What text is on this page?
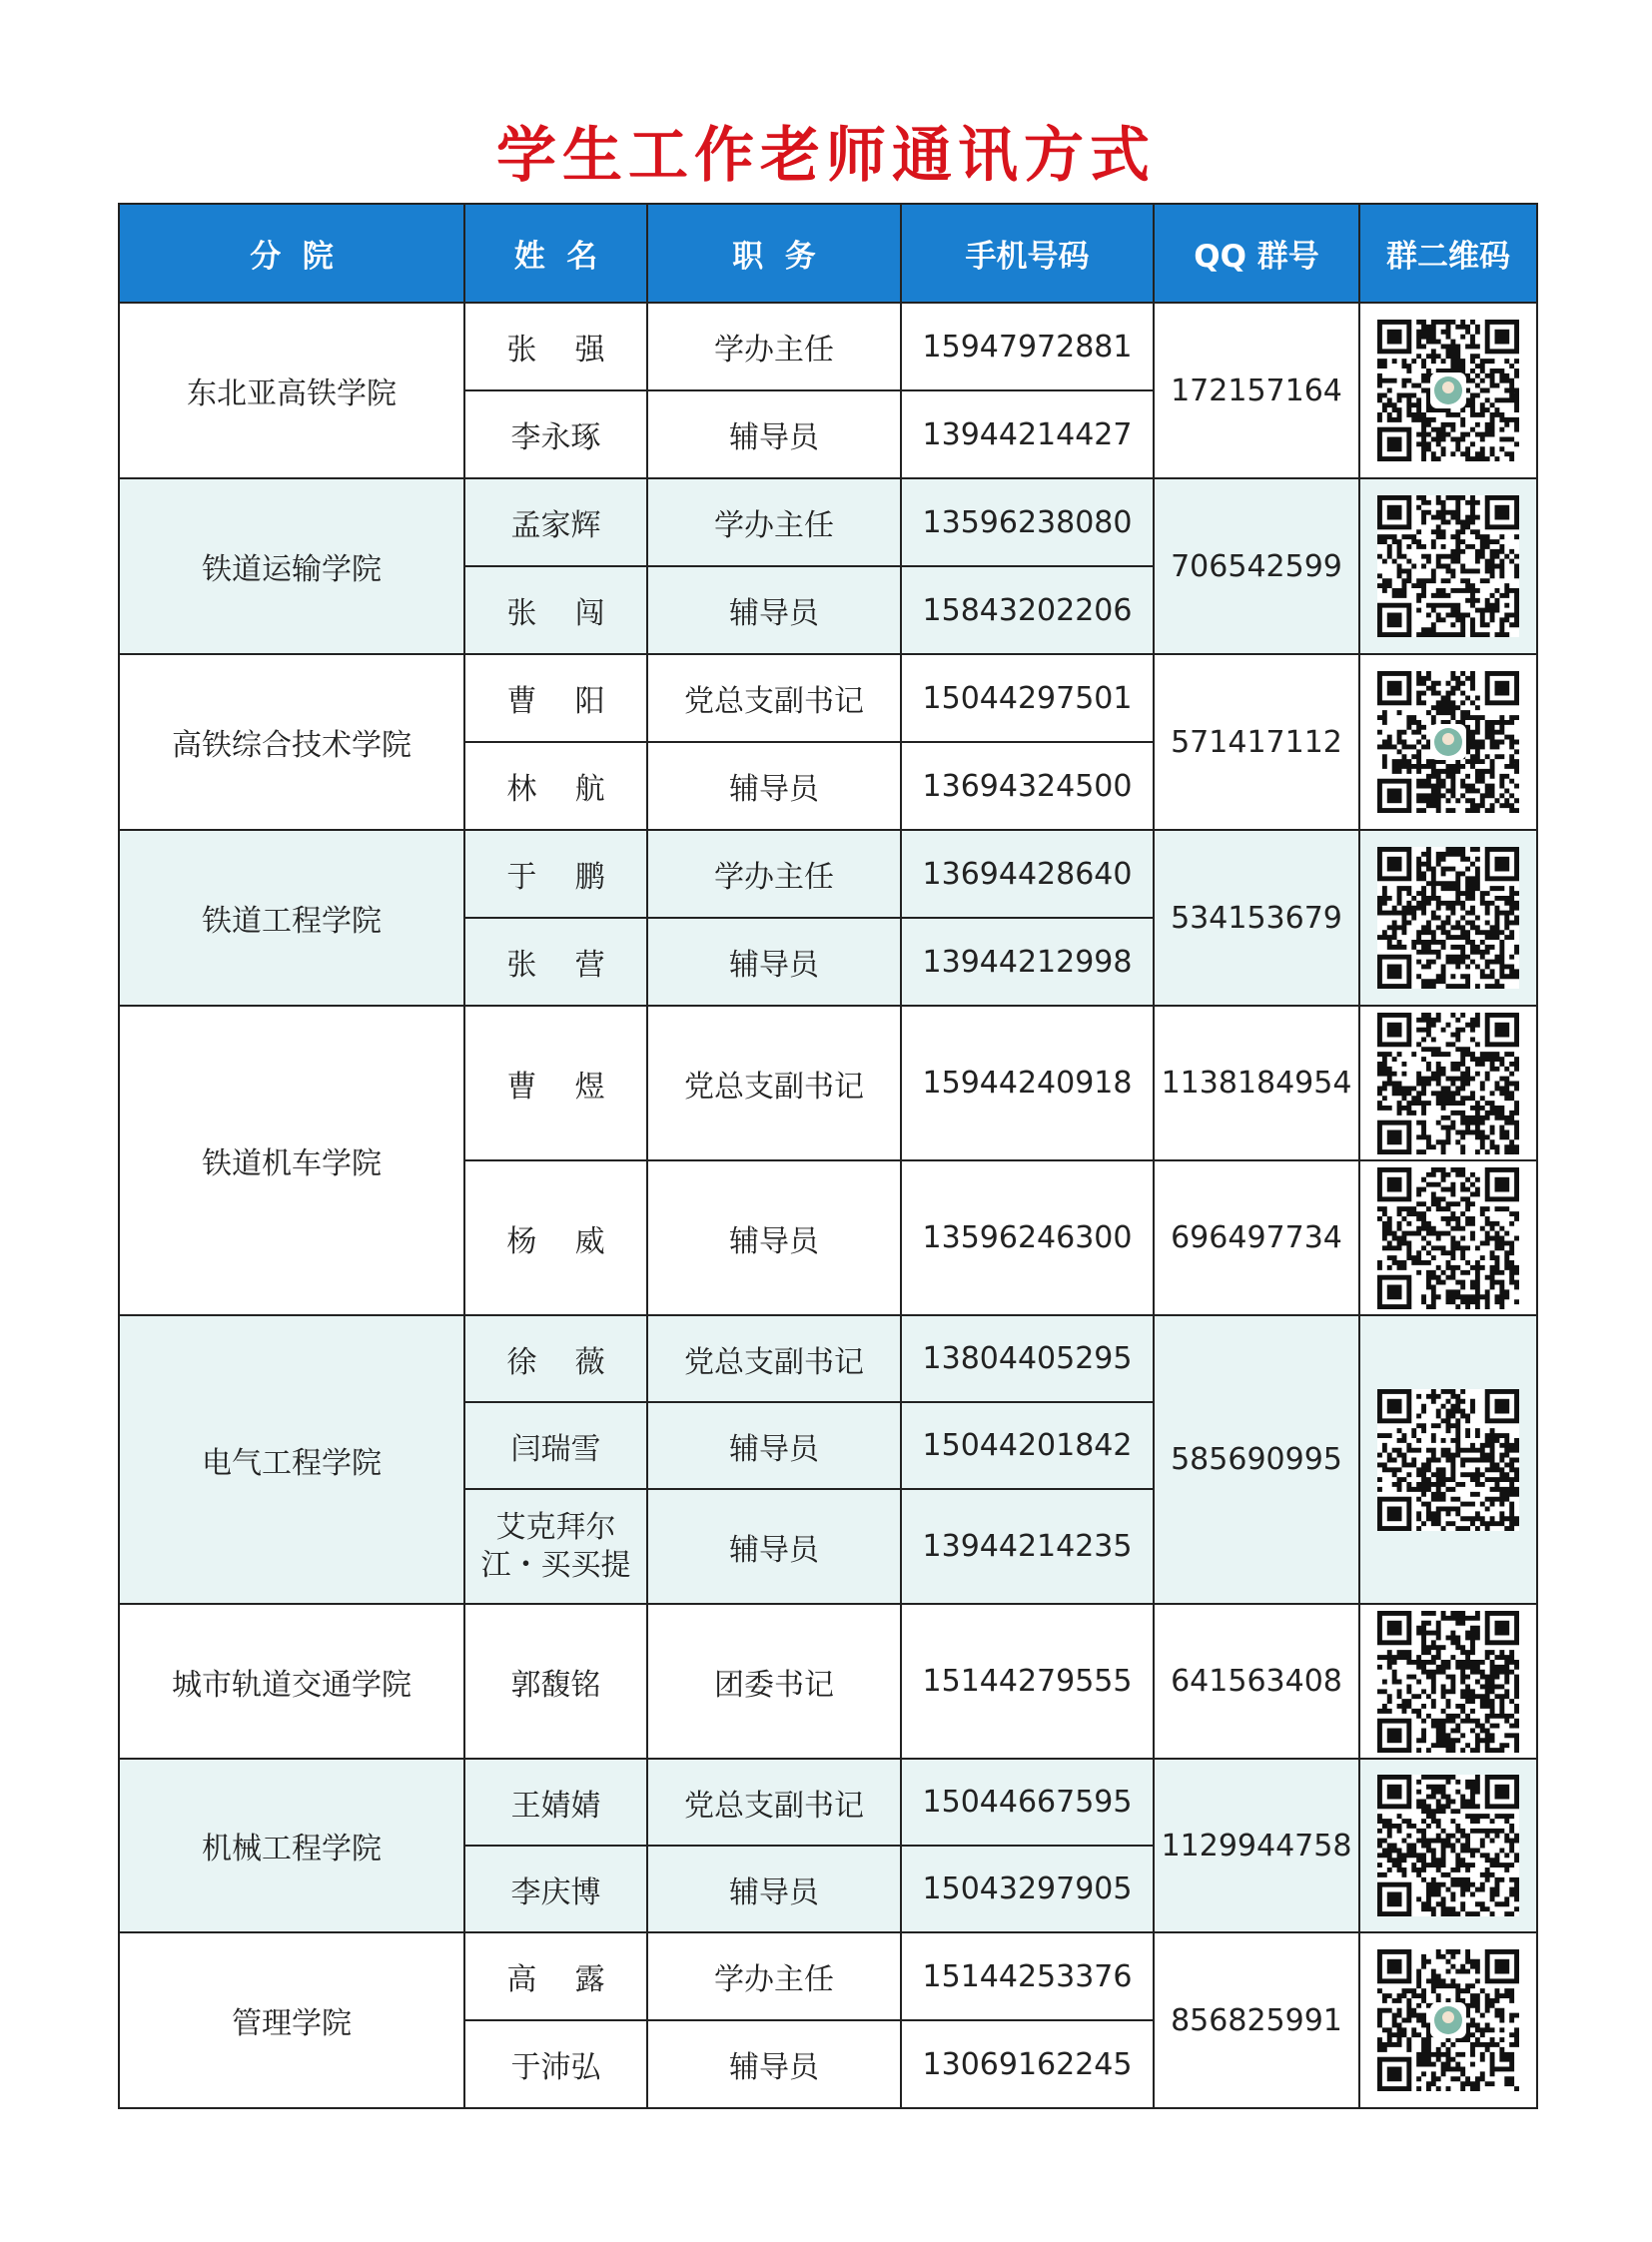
学生工作老师通讯方式
分  院	姓  名	职  务	手机号码	QQ 群号	群二维码
东北亚高铁学院	张    强	学办主任	15947972881	172157164	

	李永琢	辅导员	13944214427		
铁道运输学院	孟家辉	学办主任	13596238080	706542599	

	张    闯	辅导员	15843202206		
高铁综合技术学院	曹    阳	党总支副书记	15044297501	571417112	

	林    航	辅导员	13694324500		
铁道工程学院	于    鹏	学办主任	13694428640	534153679	

	张    营	辅导员	13944212998		
铁道机车学院	曹    煜	党总支副书记	15944240918	1138184954	

	杨    威	辅导员	13596246300	696497734	

电气工程学院	徐    薇	党总支副书记	13804405295	585690995	

	闫瑞雪	辅导员	15044201842		

	艾克拜尔
江・买买提	辅导员	13944214235		
城市轨道交通学院	郭馥铭	团委书记	15144279555	641563408	

机械工程学院	王婧婧	党总支副书记	15044667595	1129944758	

	李庆博	辅导员	15043297905		
管理学院	高    露	学办主任	15144253376	856825991	

	于沛弘	辅导员	13069162245		
